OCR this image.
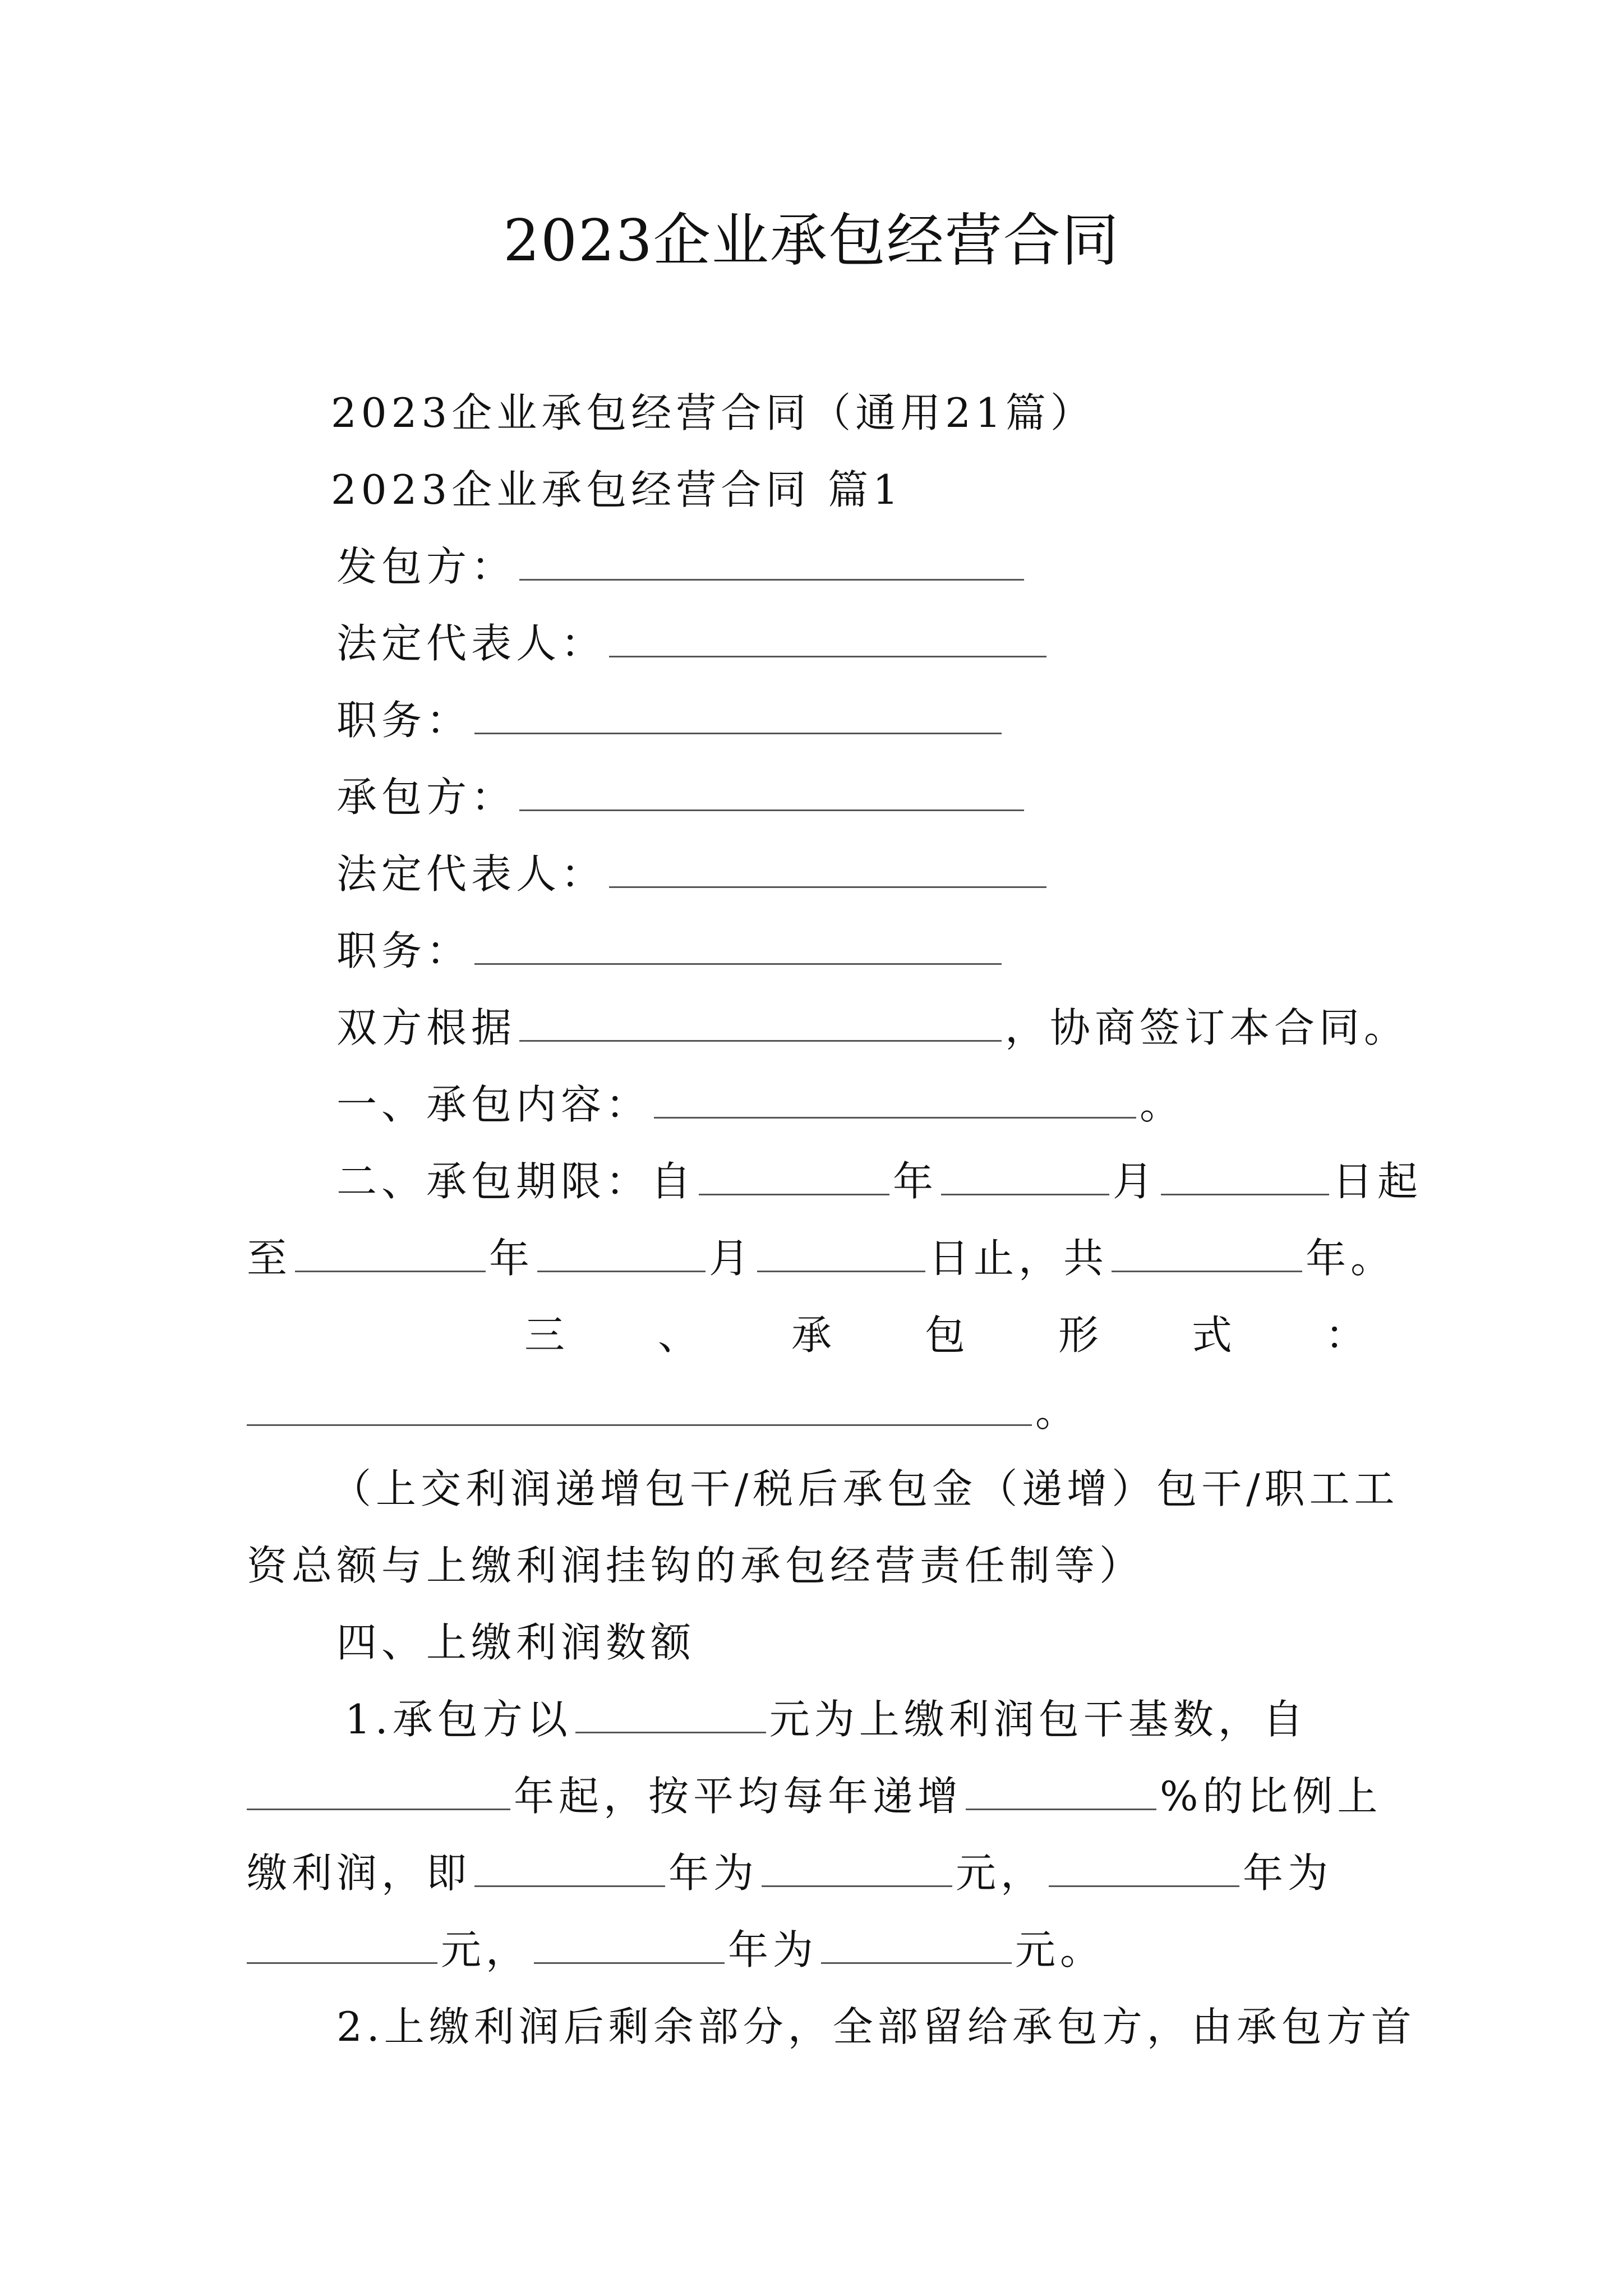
2023企业承包经营合同
2023企业承包经营合同（通用21篇）
2023企业承包经营合同 篇1
发包方：
法定代表人：
职务：
承包方：
法定代表人：
职务：
双方根据	，协商签订本合同。
一、承包内容：	。
二、承包期限：自	年	月	日起
至	年	月	日止，共	年。
三 、 承 包 形 式 ：
。
（上交利润递增包干/税后承包金（递增）包干/职工工
资总额与上缴利润挂钩的承包经营责任制等）
四、上缴利润数额
1.承包方以	元为上缴利润包干基数，自
年起，按平均每年递增	%的比例上
缴利润，即	年为	元，	年为
元，	年为	元。
2.上缴利润后剩余部分，全部留给承包方，由承包方首
